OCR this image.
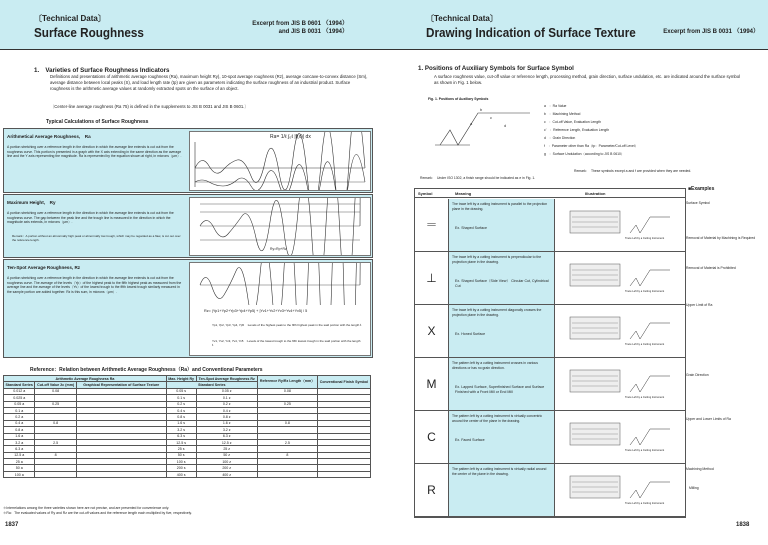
〔Technical Data〕
Surface Roughness
Excerpt from JIS B 0601 （1994）
and JIS B 0031 （1994）
1.　Varieties of Surface Roughness Indicators
Definitions and presentations of arithmetic average roughness (Ra), maximum height Ry), 10-spot average roughness (Rz), average concave-to-convex distance (Sm), average distance between local peaks (S), and load length rate (tp) are given as parameters indicating the surface roughness of an industrial product. Surface roughness is the arithmetic average values at randomly extracted spots on the surface of an object.
〔Center-line average roughness (Ra 75) is defined in the supplements to JIS B 0031 and JIS B 0601.〕
Typical Calculations of Surface Roughness
Arithmetical Average Roughness,　Ra
A portion stretching over a reference length in the direction in which the average line extends is cut out from the roughness curve. This portion is presented in a graph with the X axis extending in the same direction as the average line and the Y axis representing the magnitude. Ra is represented by the equation shown at right, in microns（μm）.
Ra= 1/ℓ ∫₀ℓ |f(x)| dx
Maximum Height,　Ry
A portion stretching over a reference length in the direction in which the average line extends is cut out from the roughness curve. The gap between the peak line and the trough line is measured in the direction in which the magnitude axis extends, in microns（μm）.
Remark：A portion without an abnormally high peak or abnormally low trough, which may be regarded as a flaw, is cut out over the reference length.
Ry=Rp+Rv
Ten-Spot Average Roughness, Rz
A portion stretching over a reference length in the direction in which the average line extends is cut out from the roughness curve. The average of the levels（Yp）of the highest peak to the fifth highest peak as measured from the average line and the average of the levels（Yv）of the lowest trough to the fifth lowest trough similarly measured in the sample portion are added together. Rz is this sum, in microns（μm）.
Rz= |Yp1+Yp2+Yp3+Yp4+Yp5| + |Yv1+Yv2+Yv3+Yv4+Yv5| / 5
Yp1, Yp2, Yp3, Yp4, Yp5　:Levels of the highest peak to the fifth highest peak in the said portion with the length ℓ.
Yv1, Yv2, Yv3, Yv4, Yv5　:Levels of the lowest trough to the fifth lowest trough in the said portion with the length ℓ.
Reference：Relation between Arithmetic Average Roughness（Ra）and Conventional Parameters
Arithmetic Average Roughness Ra			Max. Height Ry	Ten-Spot Average Roughness Rz	Reference Ry/Rz Length（mm）	Conventional Finish Symbol
Standard Series	Cut-off Value λc (mm)	Graphical Representation of Surface Texture	Standard Series			
0.012 a	0.08		0.05 s	0.05 z	0.08	
0.025 a			0.1 s	0.1 z		
0.05 a	0.25		0.2 s	0.2 z	0.25	
0.1 a			0.4 s	0.4 z		
0.2 a			0.8 s	0.8 z		
0.4 a	0.8		1.6 s	1.6 z	0.8	
0.8 a			3.2 s	3.2 z		
1.6 a			6.3 s	6.3 z		
3.2 a	2.5		12.5 s	12.5 z	2.5	
6.3 a			25 s	25 z		
12.5 a	8		50 s	50 z	8	
25 a			100 s	100 z		
50 a			200 s	200 z		
100 a			400 s	400 z		
＊Interrelations among the three varieties shown here are not precise, and are presented for convenience only.
＊Ra：The evaluated values of Ry and Rz are the cut-off values and the reference length each multiplied by five, respectively.
1837
〔Technical Data〕
Drawing Indication of Surface Texture	Excerpt from JIS B 0031 （1994）
1. Positions of Auxiliary Symbols for Surface Symbol
A surface roughness value, cut-off value or reference length, processing method, grain direction, surface undulation, etc. are indicated around the surface symbol as shown in Fig. 1 below.
Fig. 1. Positions of Auxiliary Symbols
a
b
c
d
a　：Ra Value
b　：Machining Method
c　：Cut-off Value, Evaluation Length
c'　：Reference Length, Evaluation Length
d　：Grain Direction
f　：Parameter other than Ra（tp：Parameter/Cut-off Level）
g　：Surface Undulation（according to JIS B 0610）
Remark：　These symbols except a and f are provided when they are needed.
Remark：　Under ISO 1302, a finish range should be indicated as e in Fig. 1.
Symbol	Meaning	Illustration
＝
The trace left by a cutting instrument is parallel to the projection plane in the drawing.
Ex. Shaped Surface
Trace Left by a Cutting Instrument
⊥
The trace left by a cutting instrument is perpendicular to the projection plane in the drawing.
Ex. Shaped Surface（Side View） Circular Cut, Cylindrical Cut
Trace Left by a Cutting Instrument
X
The trace left by a cutting instrument diagonally crosses the projection plane in the drawing.
Ex. Honed Surface
Trace Left by a Cutting Instrument
M
The pattern left by a cutting instrument crosses in various directions or has no grain direction.
Ex. Lapped Surface, Superfinished Surface and Surface Finished with a Front Mill or End Mill
Trace Left by a Cutting Instrument
C
The pattern left by a cutting instrument is virtually concentric around the center of the plane in the drawing.
Ex. Faced Surface
Trace Left by a Cutting Instrument
R
The pattern left by a cutting instrument is virtually radial around the center of the plane in the drawing.
Trace Left by a Cutting Instrument
■Examples
Surface Symbol
Removal of Material by Machining is Required
Removal of Material is Prohibited
Upper Limit of Ra
Grain Direction
Upper and Lower Limits of Ra
Machining Method
Milling
1838
